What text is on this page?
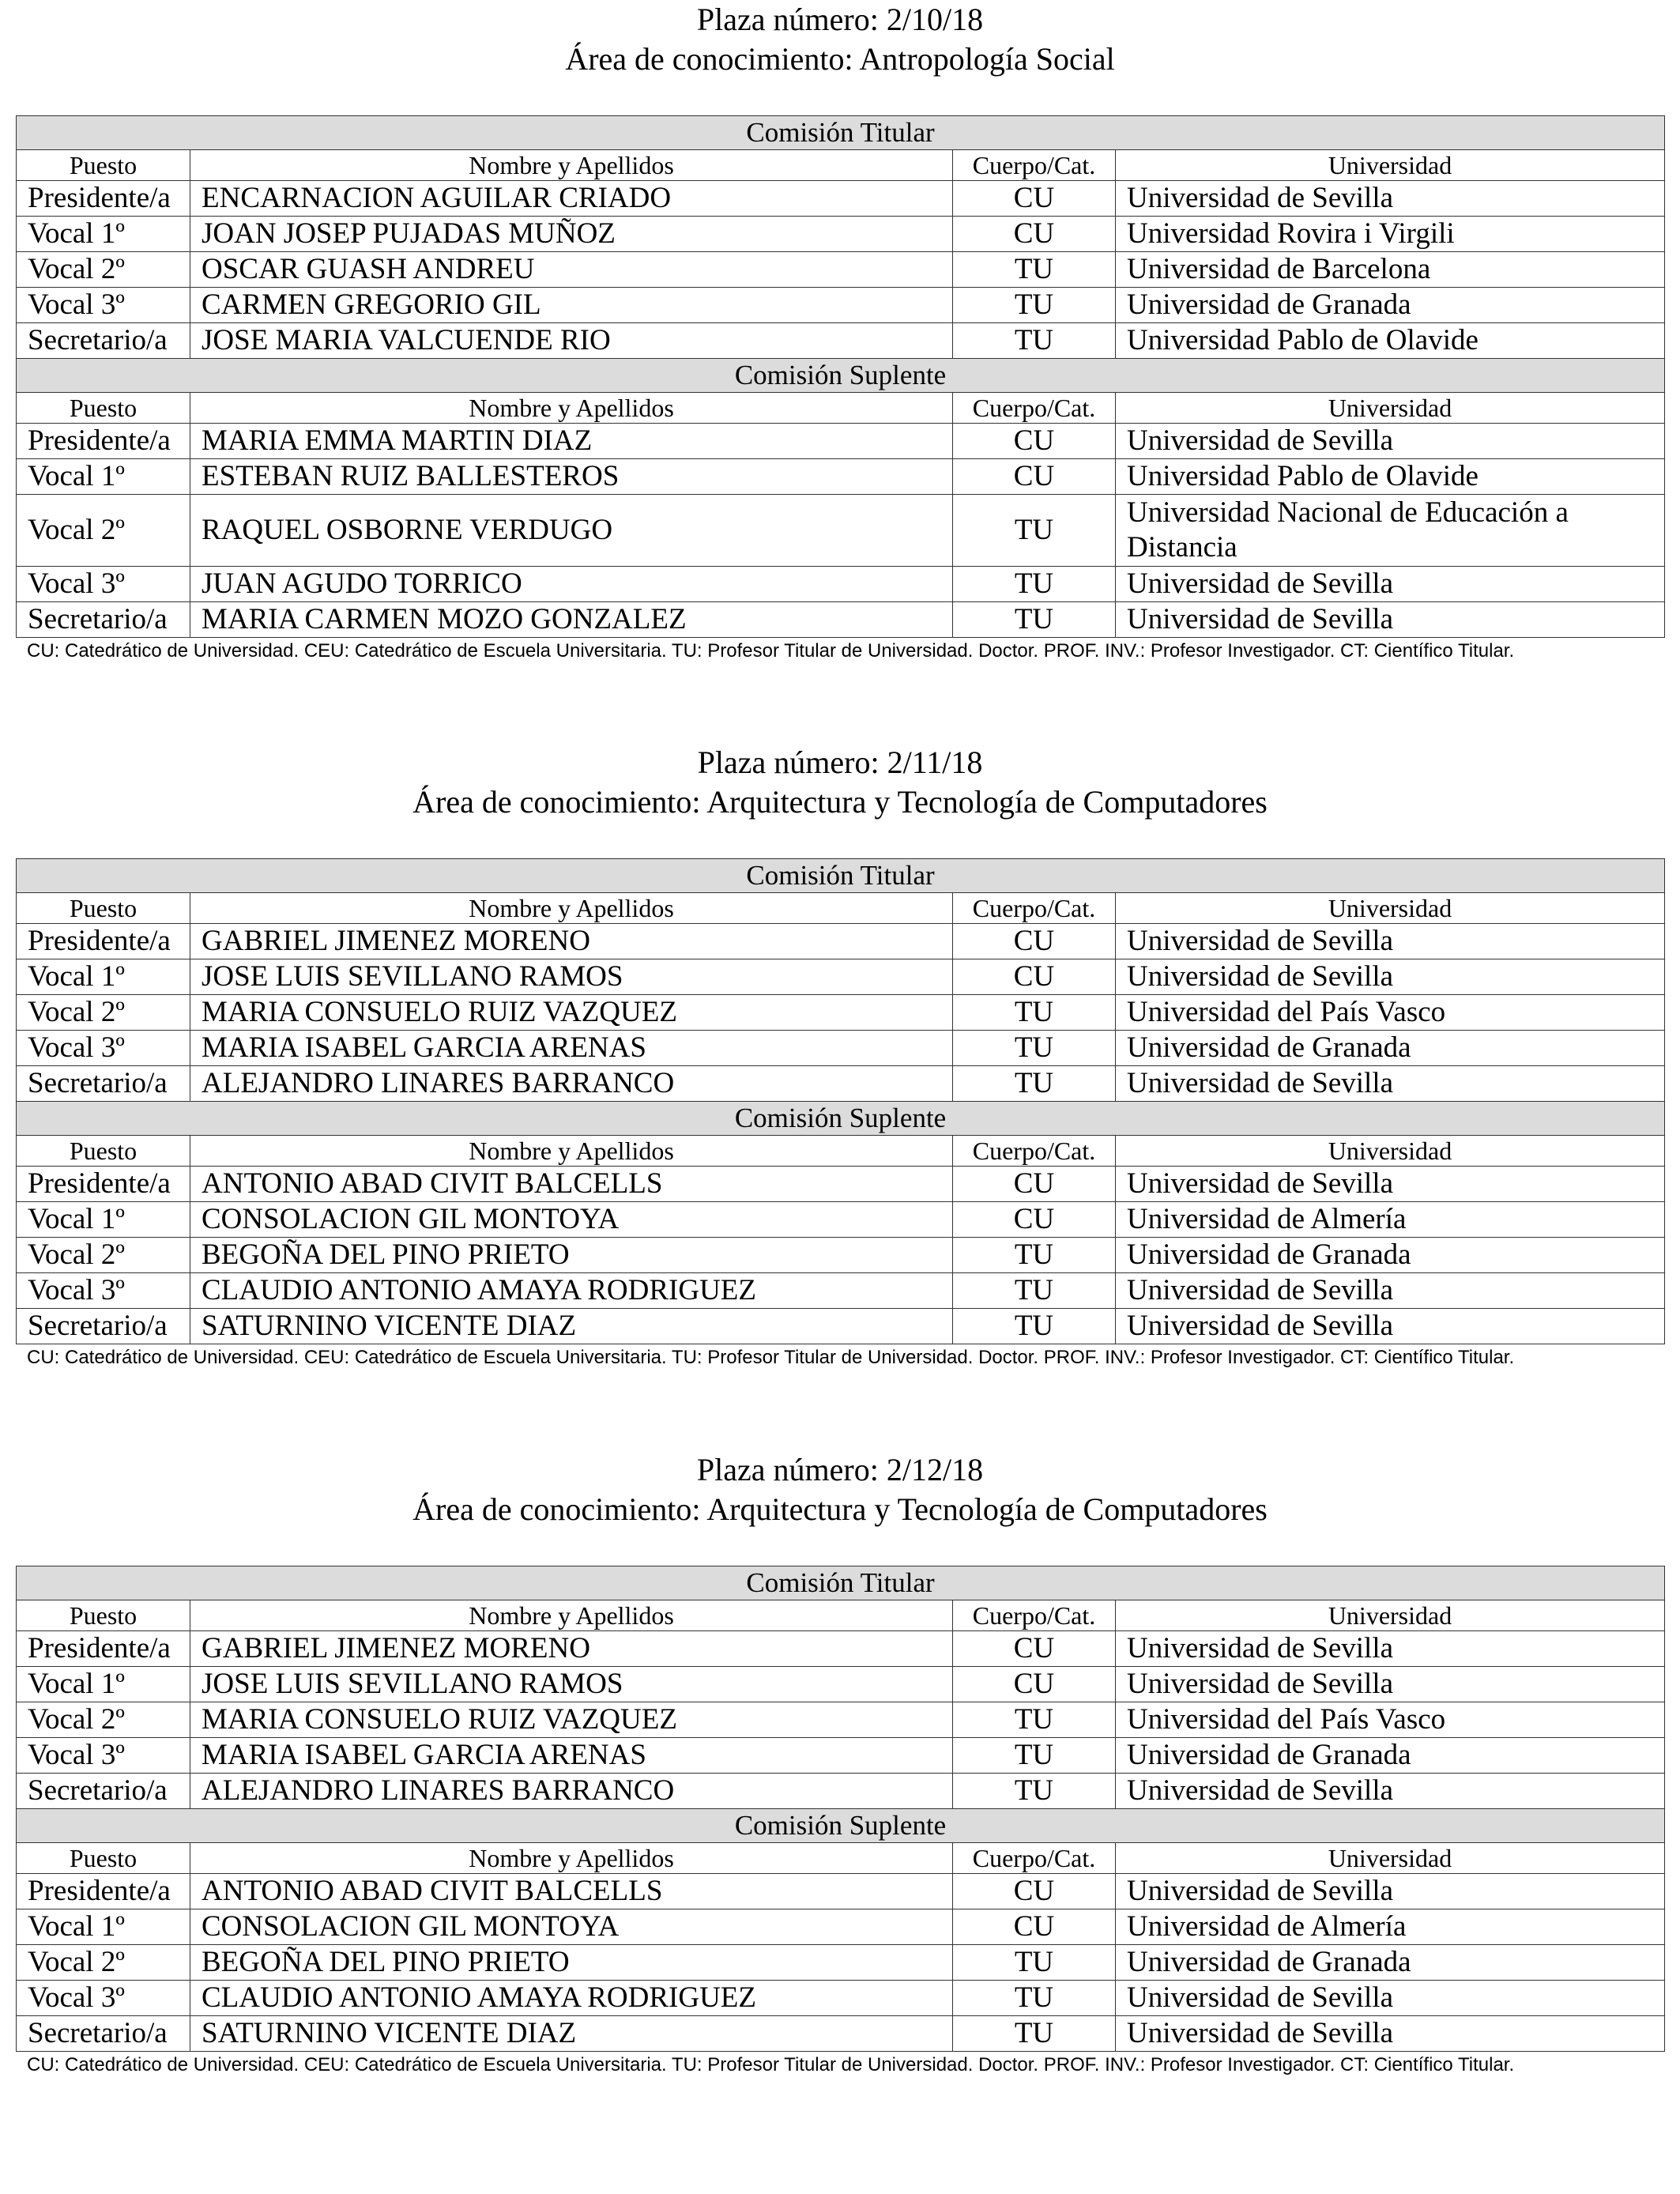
Plaza número: 2/10/18
Área de conocimiento: Antropología Social
Comisión Titular			
Puesto	Nombre y Apellidos	Cuerpo/Cat.	Universidad
Presidente/a	ENCARNACION AGUILAR CRIADO	CU	Universidad de Sevilla
Vocal 1º	JOAN JOSEP PUJADAS MUÑOZ	CU	Universidad Rovira i Virgili
Vocal 2º	OSCAR GUASH ANDREU	TU	Universidad de Barcelona
Vocal 3º	CARMEN GREGORIO GIL	TU	Universidad de Granada
Secretario/a	JOSE MARIA VALCUENDE RIO	TU	Universidad Pablo de Olavide
Comisión Suplente			
Puesto	Nombre y Apellidos	Cuerpo/Cat.	Universidad
Presidente/a	MARIA EMMA MARTIN DIAZ	CU	Universidad de Sevilla
Vocal 1º	ESTEBAN RUIZ BALLESTEROS	CU	Universidad Pablo de Olavide
Vocal 2º	RAQUEL OSBORNE VERDUGO	TU	Universidad Nacional de Educación a Distancia
Vocal 3º	JUAN AGUDO TORRICO	TU	Universidad de Sevilla
Secretario/a	MARIA CARMEN MOZO GONZALEZ	TU	Universidad de Sevilla
CU: Catedrático de Universidad. CEU: Catedrático de Escuela Universitaria. TU: Profesor Titular de Universidad. Doctor. PROF. INV.: Profesor Investigador. CT: Científico Titular.
Plaza número: 2/11/18
Área de conocimiento: Arquitectura y Tecnología de Computadores
Comisión Titular			
Puesto	Nombre y Apellidos	Cuerpo/Cat.	Universidad
Presidente/a	GABRIEL JIMENEZ MORENO	CU	Universidad de Sevilla
Vocal 1º	JOSE LUIS SEVILLANO RAMOS	CU	Universidad de Sevilla
Vocal 2º	MARIA CONSUELO RUIZ VAZQUEZ	TU	Universidad del País Vasco
Vocal 3º	MARIA ISABEL GARCIA ARENAS	TU	Universidad de Granada
Secretario/a	ALEJANDRO LINARES BARRANCO	TU	Universidad de Sevilla
Comisión Suplente			
Puesto	Nombre y Apellidos	Cuerpo/Cat.	Universidad
Presidente/a	ANTONIO ABAD CIVIT BALCELLS	CU	Universidad de Sevilla
Vocal 1º	CONSOLACION GIL MONTOYA	CU	Universidad de Almería
Vocal 2º	BEGOÑA DEL PINO PRIETO	TU	Universidad de Granada
Vocal 3º	CLAUDIO ANTONIO AMAYA RODRIGUEZ	TU	Universidad de Sevilla
Secretario/a	SATURNINO VICENTE DIAZ	TU	Universidad de Sevilla
CU: Catedrático de Universidad. CEU: Catedrático de Escuela Universitaria. TU: Profesor Titular de Universidad. Doctor. PROF. INV.: Profesor Investigador. CT: Científico Titular.
Plaza número: 2/12/18
Área de conocimiento: Arquitectura y Tecnología de Computadores
Comisión Titular			
Puesto	Nombre y Apellidos	Cuerpo/Cat.	Universidad
Presidente/a	GABRIEL JIMENEZ MORENO	CU	Universidad de Sevilla
Vocal 1º	JOSE LUIS SEVILLANO RAMOS	CU	Universidad de Sevilla
Vocal 2º	MARIA CONSUELO RUIZ VAZQUEZ	TU	Universidad del País Vasco
Vocal 3º	MARIA ISABEL GARCIA ARENAS	TU	Universidad de Granada
Secretario/a	ALEJANDRO LINARES BARRANCO	TU	Universidad de Sevilla
Comisión Suplente			
Puesto	Nombre y Apellidos	Cuerpo/Cat.	Universidad
Presidente/a	ANTONIO ABAD CIVIT BALCELLS	CU	Universidad de Sevilla
Vocal 1º	CONSOLACION GIL MONTOYA	CU	Universidad de Almería
Vocal 2º	BEGOÑA DEL PINO PRIETO	TU	Universidad de Granada
Vocal 3º	CLAUDIO ANTONIO AMAYA RODRIGUEZ	TU	Universidad de Sevilla
Secretario/a	SATURNINO VICENTE DIAZ	TU	Universidad de Sevilla
CU: Catedrático de Universidad. CEU: Catedrático de Escuela Universitaria. TU: Profesor Titular de Universidad. Doctor. PROF. INV.: Profesor Investigador. CT: Científico Titular.
